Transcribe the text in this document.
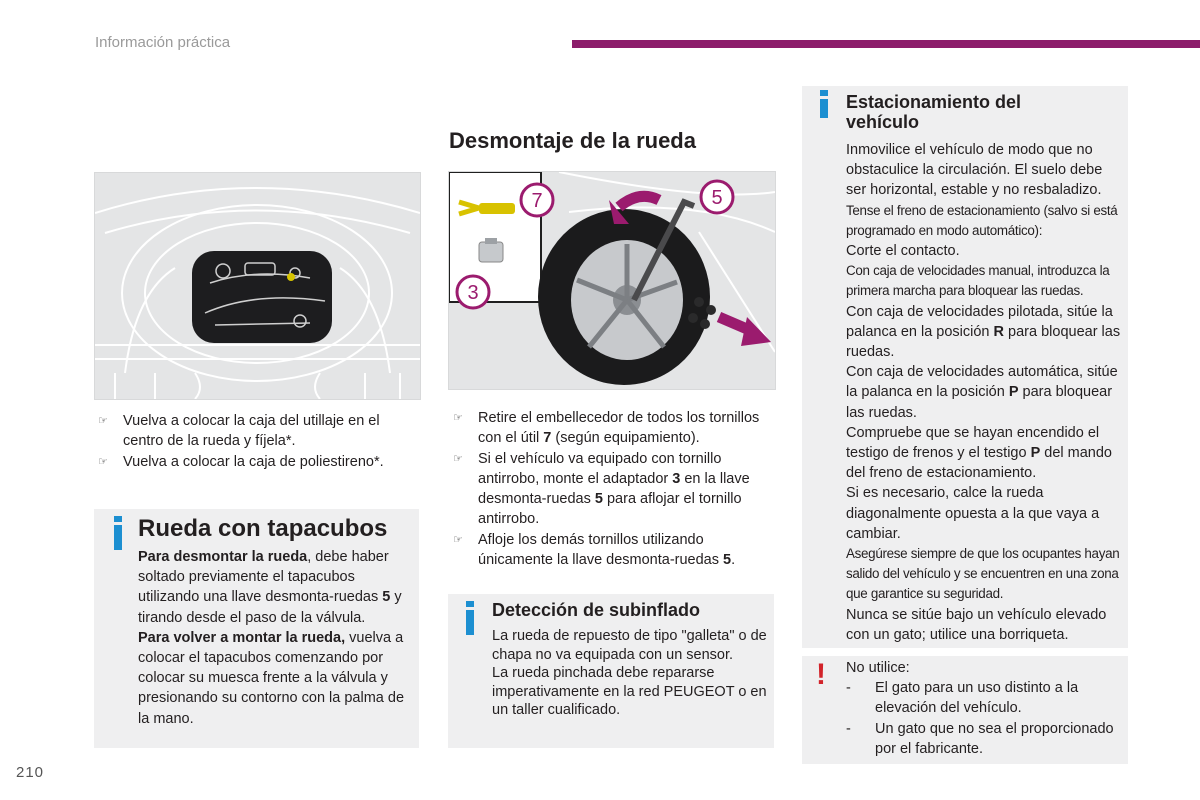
Información práctica
☞ Vuelva a colocar la caja del utillaje en el centro de la rueda y fíjela*.
☞ Vuelva a colocar la caja de poliestireno*.
Rueda con tapacubos

Para desmontar la rueda, debe haber soltado previamente el tapacubos utilizando una llave desmonta-ruedas 5 y tirando desde el paso de la válvula.

Para volver a montar la rueda, vuelva a colocar el tapacubos comenzando por colocar su muesca frente a la válvula y presionando su contorno con la palma de la mano.

Desmontaje de la rueda
7	5
3
☞ Retire el embellecedor de todos los tornillos con el útil 7 (según equipamiento).
☞ Si el vehículo va equipado con tornillo antirrobo, monte el adaptador 3 en la llave desmonta-ruedas 5 para aflojar el tornillo antirrobo.
☞ Afloje los demás tornillos utilizando únicamente la llave desmonta-ruedas 5.
Detección de subinflado

La rueda de repuesto de tipo "galleta" o de chapa no va equipada con un sensor.

La rueda pinchada debe repararse imperativamente en la red PEUGEOT o en un taller cualificado.

Estacionamiento del vehículo

Inmovilice el vehículo de modo que no obstaculice la circulación. El suelo debe ser horizontal, estable y no resbaladizo.

Tense el freno de estacionamiento (salvo si está programado en modo automático):

Corte el contacto.

Con caja de velocidades manual, introduzca la primera marcha para bloquear las ruedas.

Con caja de velocidades pilotada, sitúe la palanca en la posición R para bloquear las ruedas.

Con caja de velocidades automática, sitúe la palanca en la posición P para bloquear las ruedas.

Compruebe que se hayan encendido el testigo de frenos y el testigo P del mando del freno de estacionamiento.

Si es necesario, calce la rueda diagonalmente opuesta a la que vaya a cambiar.

Asegúrese siempre de que los ocupantes hayan salido del vehículo y se encuentren en una zona que garantice su seguridad.

Nunca se sitúe bajo un vehículo elevado con un gato; utilice una borriqueta.

! No utilice:

- El gato para un uso distinto a la elevación del vehículo.
- Un gato que no sea el proporcionado por el fabricante.
210
